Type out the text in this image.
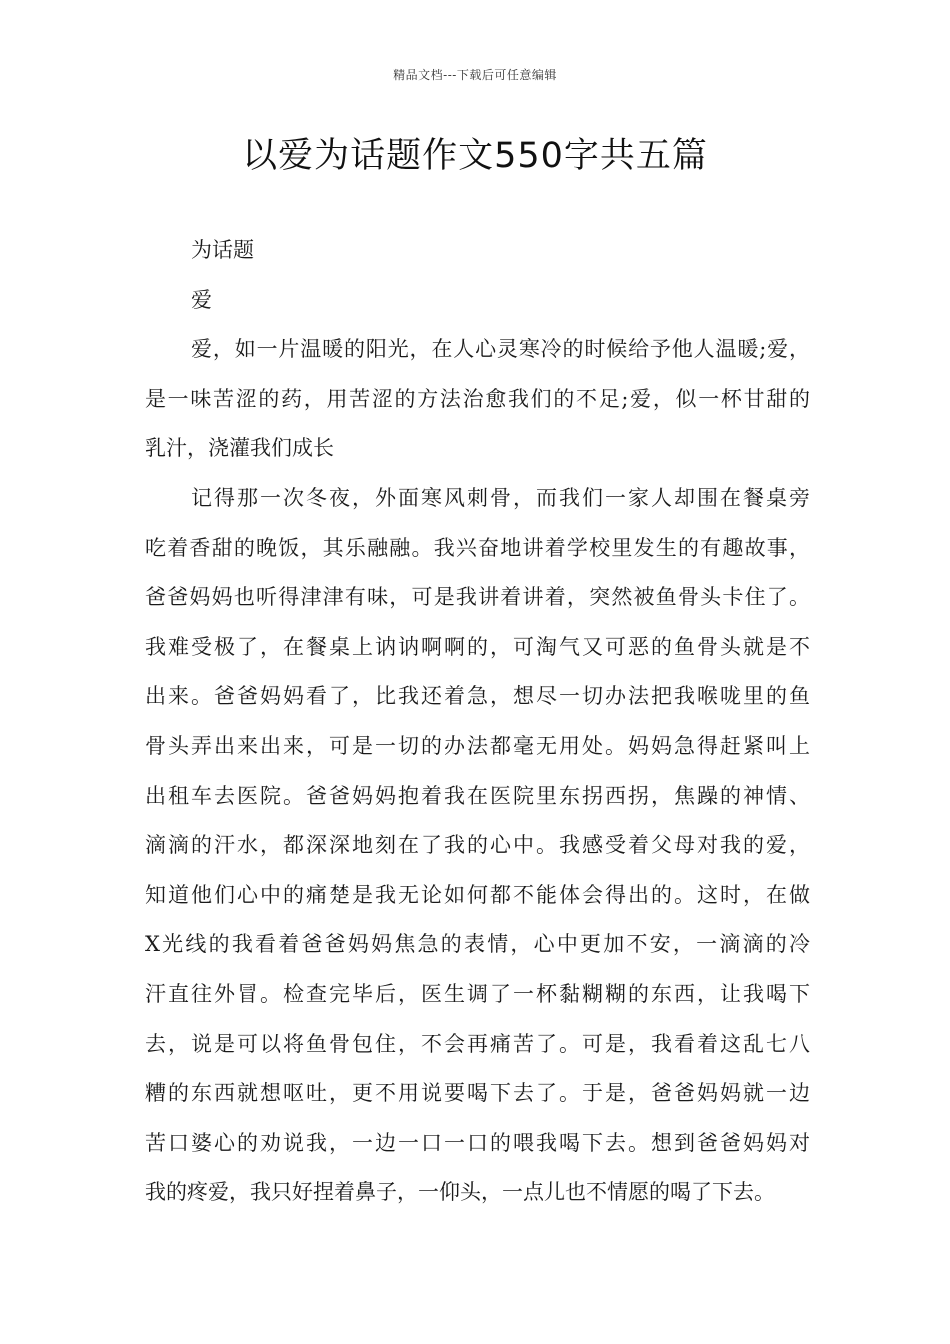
精品文档---下载后可任意编辑
以爱为话题作文550字共五篇

为话题

爱

爱，如一片温暖的阳光，在人心灵寒冷的时候给予他人温暖;爱，
是一味苦涩的药，用苦涩的方法治愈我们的不足;爱，似一杯甘甜的
乳汁，浇灌我们成长

记得那一次冬夜，外面寒风刺骨，而我们一家人却围在餐桌旁
吃着香甜的晚饭，其乐融融。我兴奋地讲着学校里发生的有趣故事，
爸爸妈妈也听得津津有味，可是我讲着讲着，突然被鱼骨头卡住了。
我难受极了，在餐桌上讷讷啊啊的，可淘气又可恶的鱼骨头就是不
出来。爸爸妈妈看了，比我还着急，想尽一切办法把我喉咙里的鱼
骨头弄出来出来，可是一切的办法都毫无用处。妈妈急得赶紧叫上
出租车去医院。爸爸妈妈抱着我在医院里东拐西拐，焦躁的神情、
滴滴的汗水，都深深地刻在了我的心中。我感受着父母对我的爱，
知道他们心中的痛楚是我无论如何都不能体会得出的。这时，在做
X光线的我看着爸爸妈妈焦急的表情，心中更加不安，一滴滴的冷
汗直往外冒。检查完毕后，医生调了一杯黏糊糊的东西，让我喝下
去，说是可以将鱼骨包住，不会再痛苦了。可是，我看着这乱七八
糟的东西就想呕吐，更不用说要喝下去了。于是，爸爸妈妈就一边
苦口婆心的劝说我，一边一口一口的喂我喝下去。想到爸爸妈妈对
我的疼爱，我只好捏着鼻子，一仰头，一点儿也不情愿的喝了下去。
